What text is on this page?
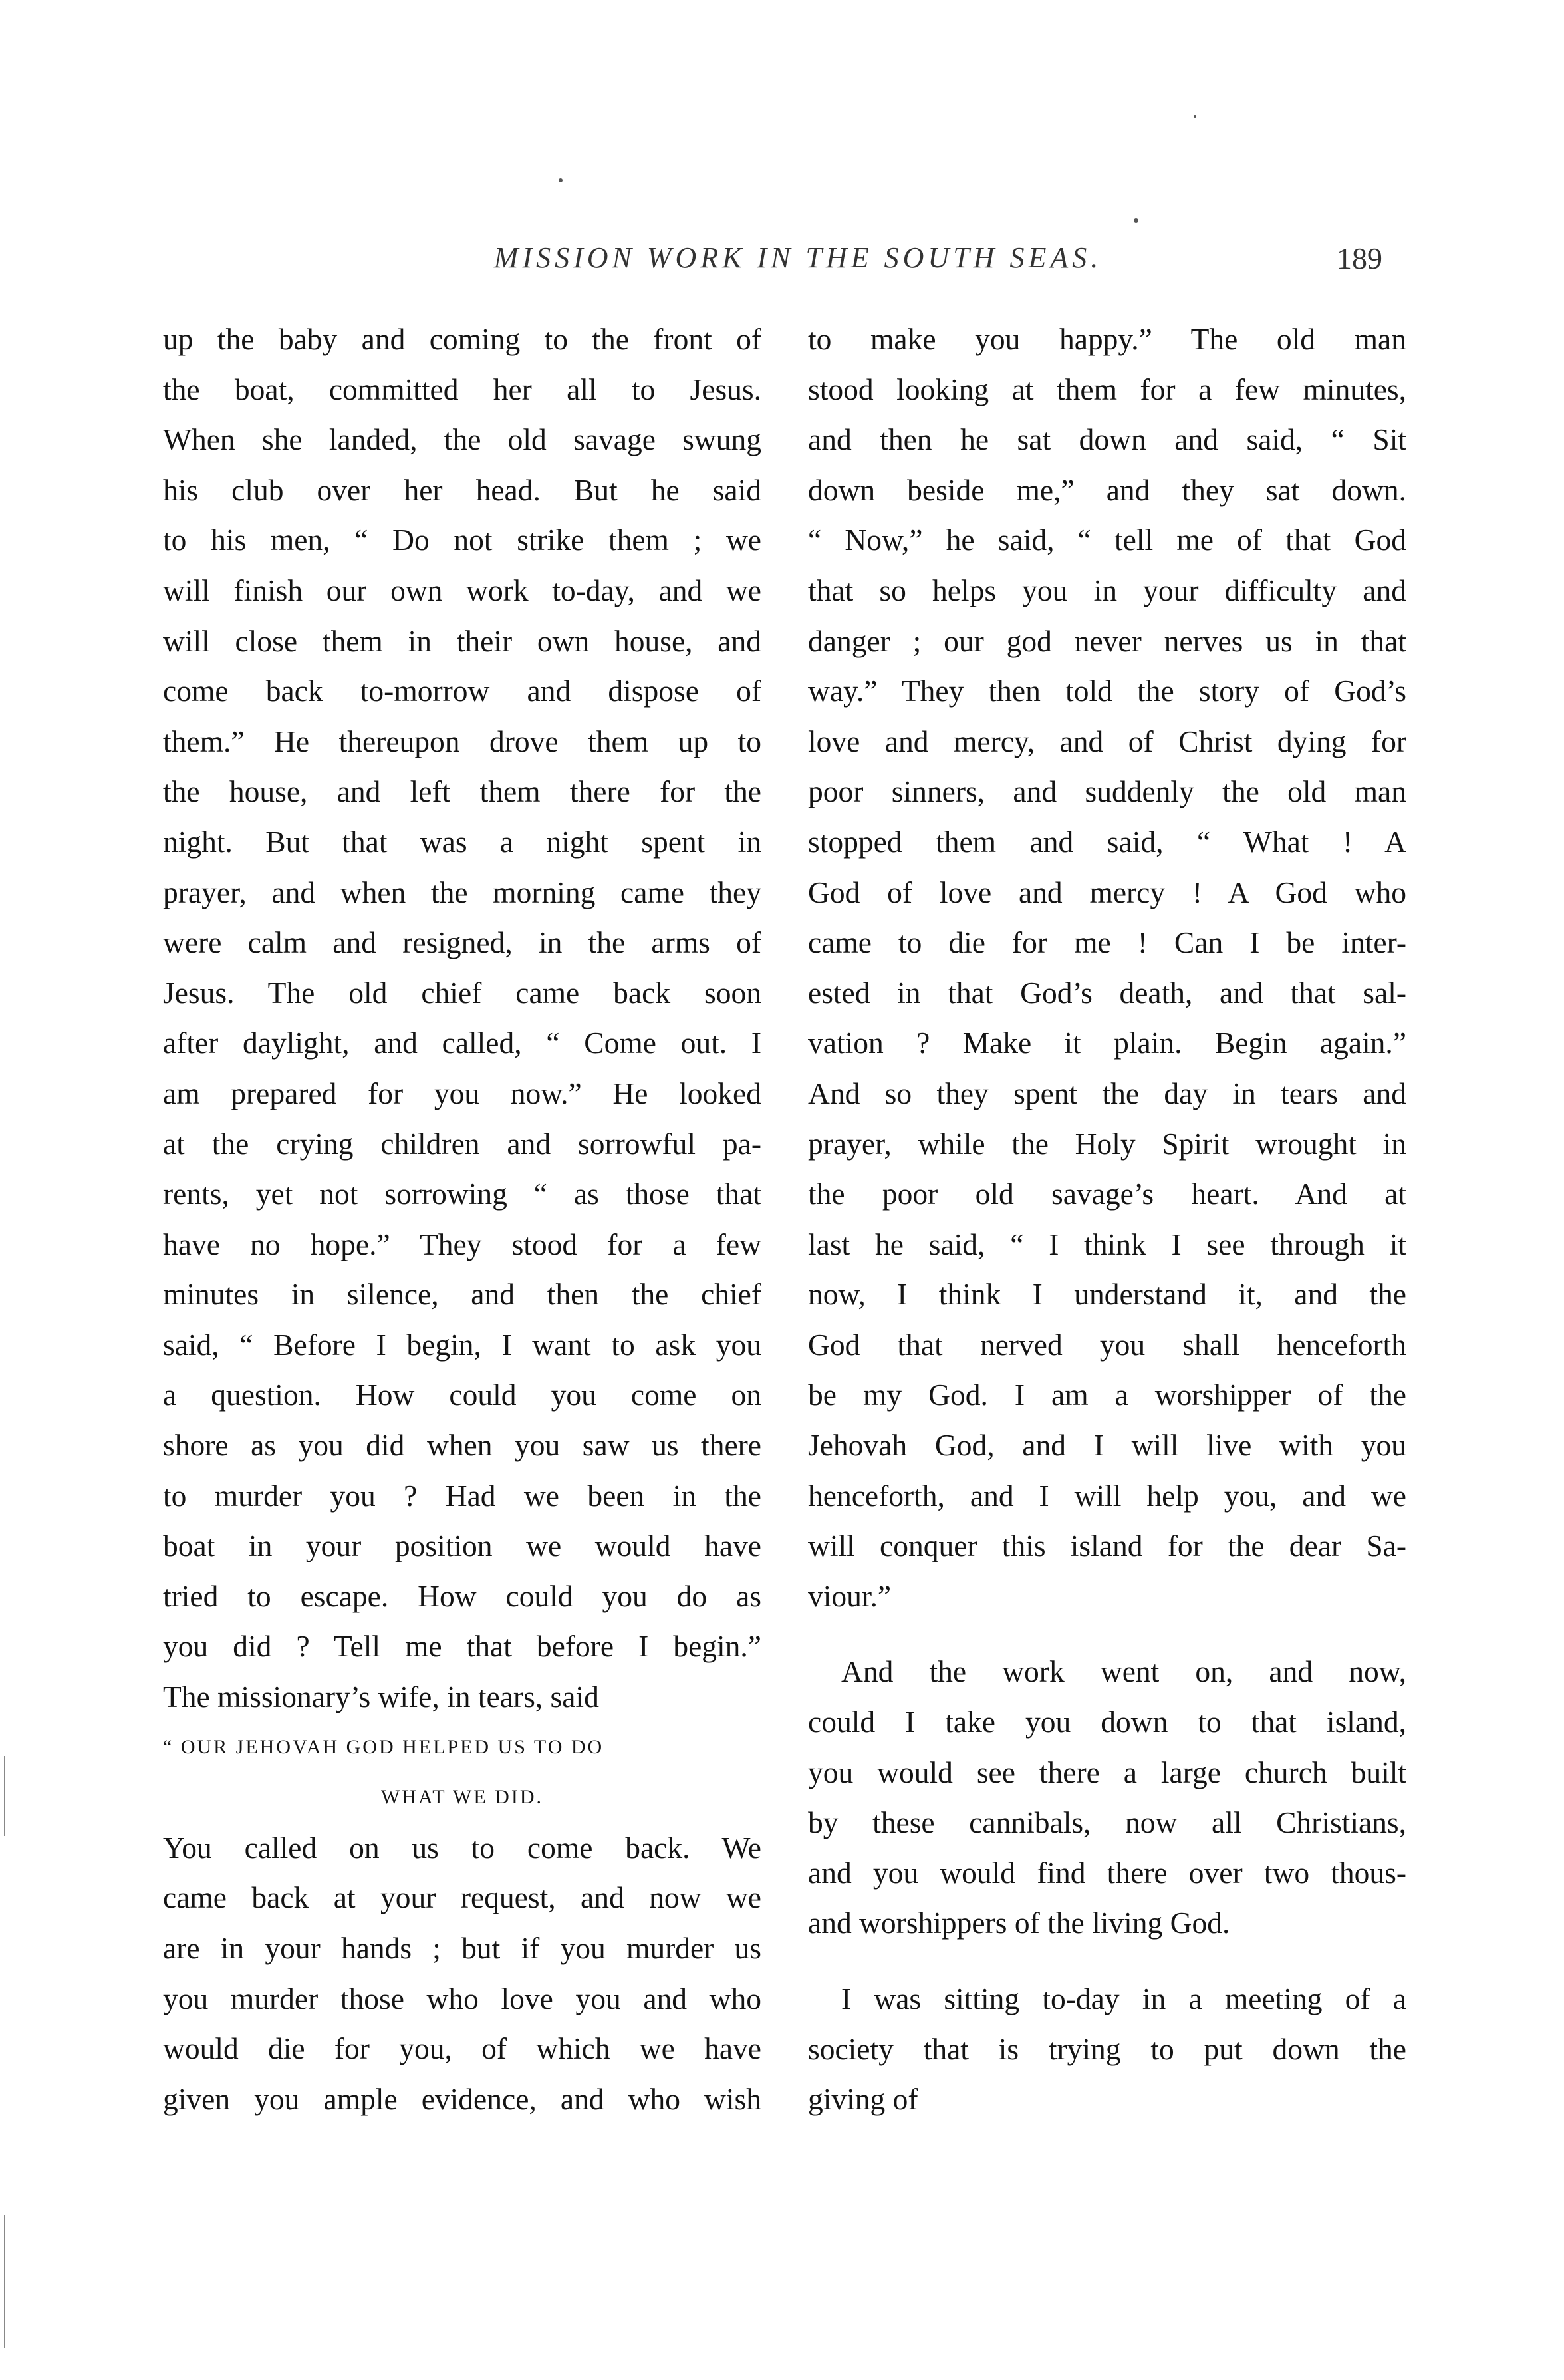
MISSION WORK IN THE SOUTH SEAS.	189
up the baby and coming to the front of
the boat, committed her all to Jesus.
When she landed, the old savage swung
his club over her head. But he said
to his men, “ Do not strike them ; we
will finish our own work to-day, and we
will close them in their own house, and
come back to-morrow and dispose of
them.” He thereupon drove them up to
the house, and left them there for the
night. But that was a night spent in
prayer, and when the morning came they
were calm and resigned, in the arms of
Jesus. The old chief came back soon
after daylight, and called, “ Come out. I
am prepared for you now.” He looked
at the crying children and sorrowful pa-
rents, yet not sorrowing “ as those that
have no hope.” They stood for a few
minutes in silence, and then the chief
said, “ Before I begin, I want to ask you
a question. How could you come on
shore as you did when you saw us there
to murder you ? Had we been in the
boat in your position we would have
tried to escape. How could you do as
you did ? Tell me that before I begin.”
The missionary’s wife, in tears, said
“ OUR JEHOVAH GOD HELPED US TO DO
WHAT WE DID.
You called on us to come back. We
came back at your request, and now we
are in your hands ; but if you murder us
you murder those who love you and who
would die for you, of which we have
given you ample evidence, and who wish
to make you happy.” The old man
stood looking at them for a few minutes,
and then he sat down and said, “ Sit
down beside me,” and they sat down.
“ Now,” he said, “ tell me of that God
that so helps you in your difficulty and
danger ; our god never nerves us in that
way.” They then told the story of God’s
love and mercy, and of Christ dying for
poor sinners, and suddenly the old man
stopped them and said, “ What ! A
God of love and mercy ! A God who
came to die for me ! Can I be inter-
ested in that God’s death, and that sal-
vation ? Make it plain. Begin again.”
And so they spent the day in tears and
prayer, while the Holy Spirit wrought in
the poor old savage’s heart. And at
last he said, “ I think I see through it
now, I think I understand it, and the
God that nerved you shall henceforth
be my God. I am a worshipper of the
Jehovah God, and I will live with you
henceforth, and I will help you, and we
will conquer this island for the dear Sa-
viour.”
And the work went on, and now,
could I take you down to that island,
you would see there a large church built
by these cannibals, now all Christians,
and you would find there over two thous-
and worshippers of the living God.
I was sitting to-day in a meeting of a
society that is trying to put down the
giving of
